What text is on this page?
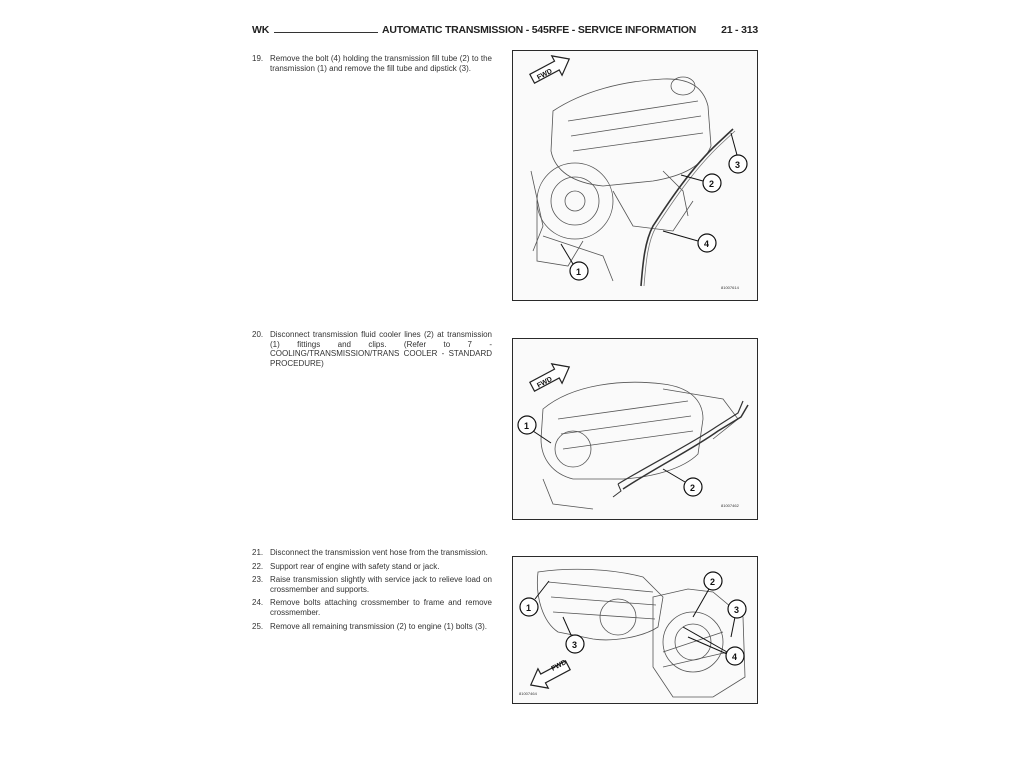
WK	AUTOMATIC TRANSMISSION - 545RFE - SERVICE INFORMATION 21 - 313
19. Remove the bolt (4) holding the transmission fill tube (2) to the transmission (1) and remove the fill tube and dipstick (3).
20. Disconnect transmission fluid cooler lines (2) at transmission (1) fittings and clips. (Refer to 7 - COOLING/TRANSMISSION/TRANS COOLER - STANDARD PROCEDURE)
21. Disconnect the transmission vent hose from the transmission.
22. Support rear of engine with safety stand or jack.
23. Raise transmission slightly with service jack to relieve load on crossmember and supports.
24. Remove bolts attaching crossmember to frame and remove crossmember.
25. Remove all remaining transmission (2) to engine (1) bolts (3).
FWD
1
2
3
4
81007614
FWD
1
2
81007462
FWD
1
2
3
3
4
81007464
